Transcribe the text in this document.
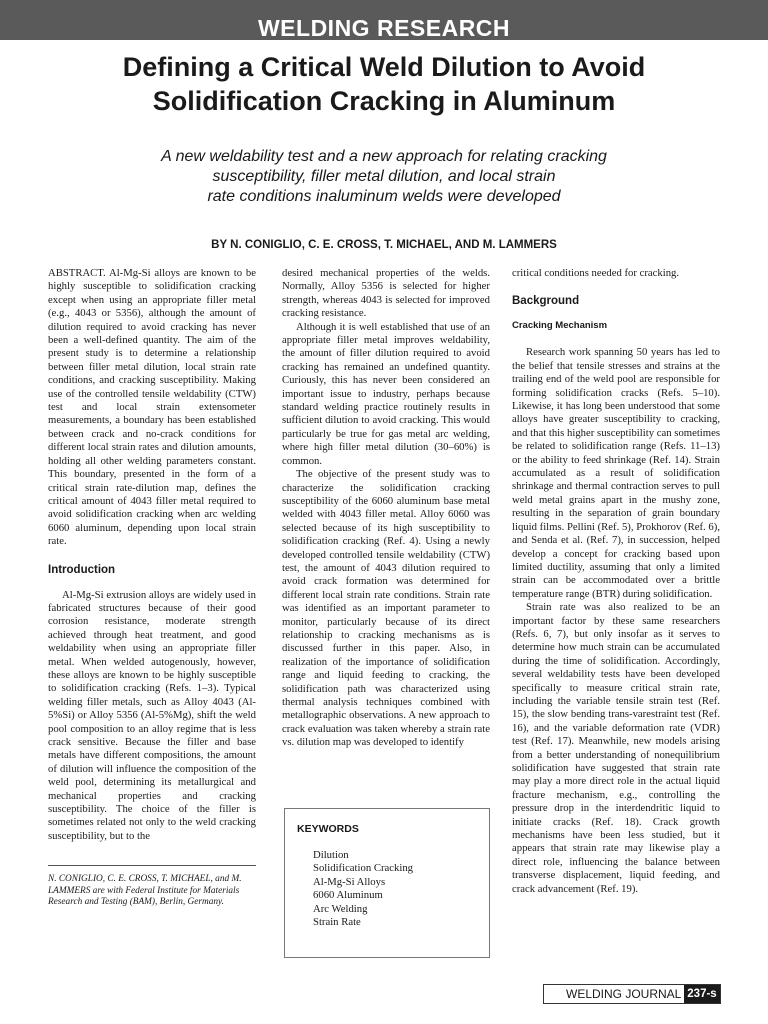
WELDING RESEARCH
Defining a Critical Weld Dilution to Avoid
Solidification Cracking in Aluminum
A new weldability test and a new approach for relating cracking
susceptibility, filler metal dilution, and local strain
rate conditions inaluminum welds were developed
BY N. CONIGLIO, C. E. CROSS, T. MICHAEL, AND M. LAMMERS

ABSTRACT. Al-Mg-Si alloys are known to be highly susceptible to solidification cracking except when using an appropriate filler metal (e.g., 4043 or 5356), although the amount of dilution required to avoid cracking has never been a well-defined quantity. The aim of the present study is to determine a relationship between filler metal dilution, local strain rate conditions, and cracking susceptibility. Making use of the controlled tensile weldability (CTW) test and local strain extensometer measurements, a boundary has been established between crack and no-crack conditions for different local strain rates and dilution amounts, holding all other welding parameters constant. This boundary, presented in the form of a critical strain rate-dilution map, defines the critical amount of 4043 filler metal required to avoid solidification cracking when arc welding 6060 aluminum, depending upon local strain rate.

Introduction

Al-Mg-Si extrusion alloys are widely used in fabricated structures because of their good corrosion resistance, moderate strength achieved through heat treatment, and good weldability when using an appropriate filler metal. When welded autogenously, however, these alloys are known to be highly susceptible to solidification cracking (Refs. 1–3). Typical welding filler metals, such as Alloy 4043 (Al-5%Si) or Alloy 5356 (Al-5%Mg), shift the weld pool composition to an alloy regime that is less crack sensitive. Because the filler and base metals have different compositions, the amount of dilution will influence the composition of the weld pool, determining its metallurgical and mechanical properties and cracking susceptibility. The choice of the filler is sometimes related not only to the weld cracking susceptibility, but to the

N. CONIGLIO, C. E. CROSS, T. MICHAEL, and M. LAMMERS are with Federal Institute for Materials Research and Testing (BAM), Berlin, Germany.

desired mechanical properties of the welds. Normally, Alloy 5356 is selected for higher strength, whereas 4043 is selected for improved cracking resistance.

Although it is well established that use of an appropriate filler metal improves weldability, the amount of filler dilution required to avoid cracking has remained an undefined quantity. Curiously, this has never been considered an important issue to industry, perhaps because standard welding practice routinely results in sufficient dilution to avoid cracking. This would particularly be true for gas metal arc welding, where high filler metal dilution (30–60%) is common.

The objective of the present study was to characterize the solidification cracking susceptibility of the 6060 aluminum base metal welded with 4043 filler metal. Alloy 6060 was selected because of its high susceptibility to solidification cracking (Ref. 4). Using a newly developed controlled tensile weldability (CTW) test, the amount of 4043 dilution required to avoid crack formation was determined for different local strain rate conditions. Strain rate was identified as an important parameter to monitor, particularly because of its direct relationship to cracking mechanisms as is discussed further in this paper. Also, in realization of the importance of solidification range and liquid feeding to cracking, the solidification path was characterized using thermal analysis techniques combined with metallographic observations. A new approach to crack evaluation was taken whereby a strain rate vs. dilution map was developed to identify

KEYWORDS
Dilution
Solidification Cracking
Al-Mg-Si Alloys
6060 Aluminum
Arc Welding
Strain Rate

critical conditions needed for cracking.

Background
Cracking Mechanism

Research work spanning 50 years has led to the belief that tensile stresses and strains at the trailing end of the weld pool are responsible for forming solidification cracks (Refs. 5–10). Likewise, it has long been understood that some alloys have greater susceptibility to cracking, and that this higher susceptibility can sometimes be related to solidification range (Refs. 11–13) or the ability to feed shrinkage (Ref. 14). Strain accumulated as a result of solidification shrinkage and thermal contraction serves to pull weld metal grains apart in the mushy zone, resulting in the separation of grain boundary liquid films. Pellini (Ref. 5), Prokhorov (Ref. 6), and Senda et al. (Ref. 7), in succession, helped develop a concept for cracking based upon limited ductility, assuming that only a limited strain can be accommodated over a brittle temperature range (BTR) during solidification.

Strain rate was also realized to be an important factor by these same researchers (Refs. 6, 7), but only insofar as it serves to determine how much strain can be accumulated during the time of solidification. Accordingly, several weldability tests have been developed specifically to measure critical strain rate, including the variable tensile strain test (Ref. 15), the slow bending trans-varestraint test (Ref. 16), and the variable deformation rate (VDR) test (Ref. 17). Meanwhile, new models arising from a better understanding of nonequilibrium solidification have suggested that strain rate may play a more direct role in the actual liquid fracture mechanism, e.g., controlling the pressure drop in the interdendritic liquid to initiate cracks (Ref. 18). Crack growth mechanisms have been less studied, but it appears that strain rate may likewise play a direct role, influencing the balance between transverse displacement, liquid feeding, and crack advancement (Ref. 19).

WELDING JOURNAL 237-s
